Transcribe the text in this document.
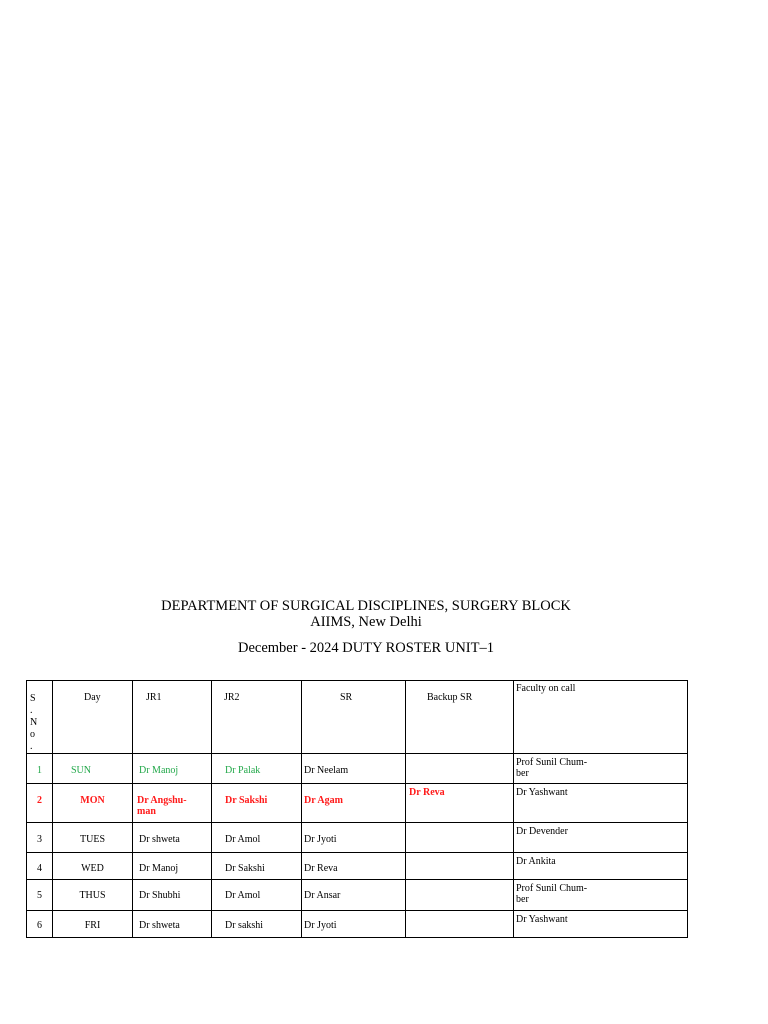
DEPARTMENT OF SURGICAL DISCIPLINES, SURGERY BLOCK
AIIMS, New Delhi
December - 2024 DUTY ROSTER UNIT–1
S
.
N
o
.	Day	JR1	JR2	SR	Backup SR	Faculty on call

1	SUN	Dr Manoj	Dr Palak	Dr Neelam		Prof Sunil Chum-
ber

2	MON	Dr Angshu-
man	Dr Sakshi	Dr Agam	Dr Reva	Dr Yashwant

3	TUES	Dr shweta	Dr Amol	Dr Jyoti		Dr Devender

4	WED	Dr Manoj	Dr Sakshi	Dr Reva		Dr Ankita

5	THUS	Dr Shubhi	Dr Amol	Dr Ansar		Prof Sunil Chum-
ber

6	FRI	Dr shweta	Dr sakshi	Dr Jyoti		Dr Yashwant
